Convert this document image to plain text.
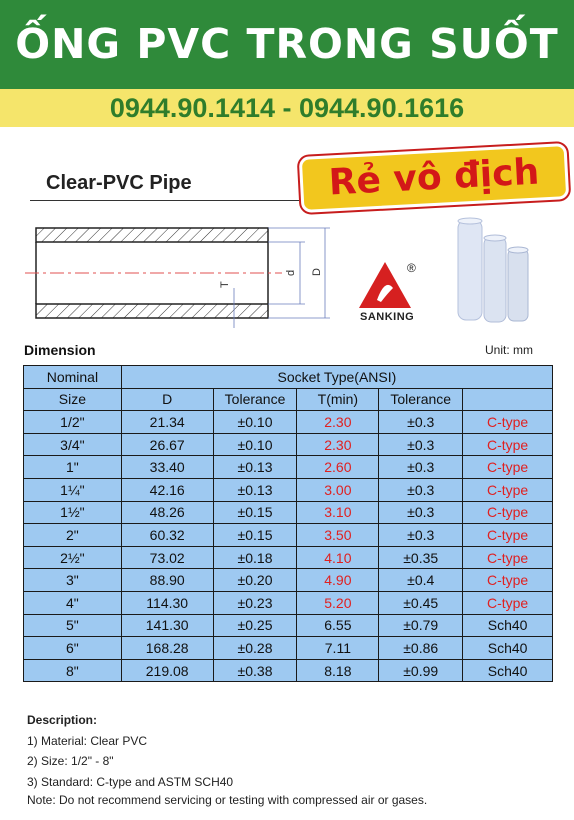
ỐNG PVC TRONG SUỐT
0944.90.1414 - 0944.90.1616
Clear-PVC Pipe	Rẻ vô địch
d D
T
®
SANKING
Dimension	Unit: mm
Nominal	Socket Type(ANSI)				
Size	D	Tolerance	T(min)	Tolerance	
1/2"	21.34	±0.10	2.30	±0.3	C-type
3/4"	26.67	±0.10	2.30	±0.3	C-type
1"	33.40	±0.13	2.60	±0.3	C-type
1¼"	42.16	±0.13	3.00	±0.3	C-type
1½"	48.26	±0.15	3.10	±0.3	C-type
2"	60.32	±0.15	3.50	±0.3	C-type
2½"	73.02	±0.18	4.10	±0.35	C-type
3"	88.90	±0.20	4.90	±0.4	C-type
4"	114.30	±0.23	5.20	±0.45	C-type
5"	141.30	±0.25	6.55	±0.79	Sch40
6"	168.28	±0.28	7.11	±0.86	Sch40
8"	219.08	±0.38	8.18	±0.99	Sch40
Description:
1) Material: Clear PVC
2) Size: 1/2" - 8"
3) Standard: C-type and ASTM SCH40
Note: Do not recommend servicing or testing with compressed air or gases.
